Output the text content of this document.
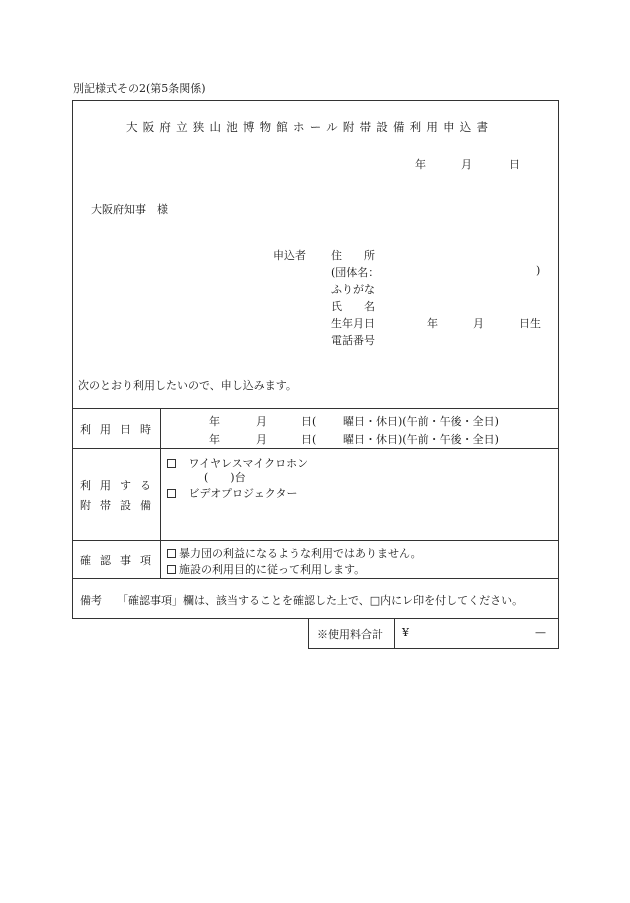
別記様式その2(第5条関係)
大阪府立狭山池博物館ホール附帯設備利用申込書
年	月	日
大阪府知事　様
申込者 住　　所
(団体名：	)
ふりがな
氏　　名
生年月日	年	月	日生
電話番号
次のとおり利用したいので、申し込みます。
利用日時
年	月	日( 曜日・休日)(午前・午後・全日)
年	月	日( 曜日・休日)(午前・午後・全日)
利用する
附帯設備
ワイヤレスマイクロホン
(　　)台
ビデオプロジェクター
確認事項
暴力団の利益になるような利用ではありません。
施設の利用目的に従って利用します。
備考 「確認事項」欄は、該当することを確認した上で、□内にレ印を付してください。
※使用料合計 ¥	—
